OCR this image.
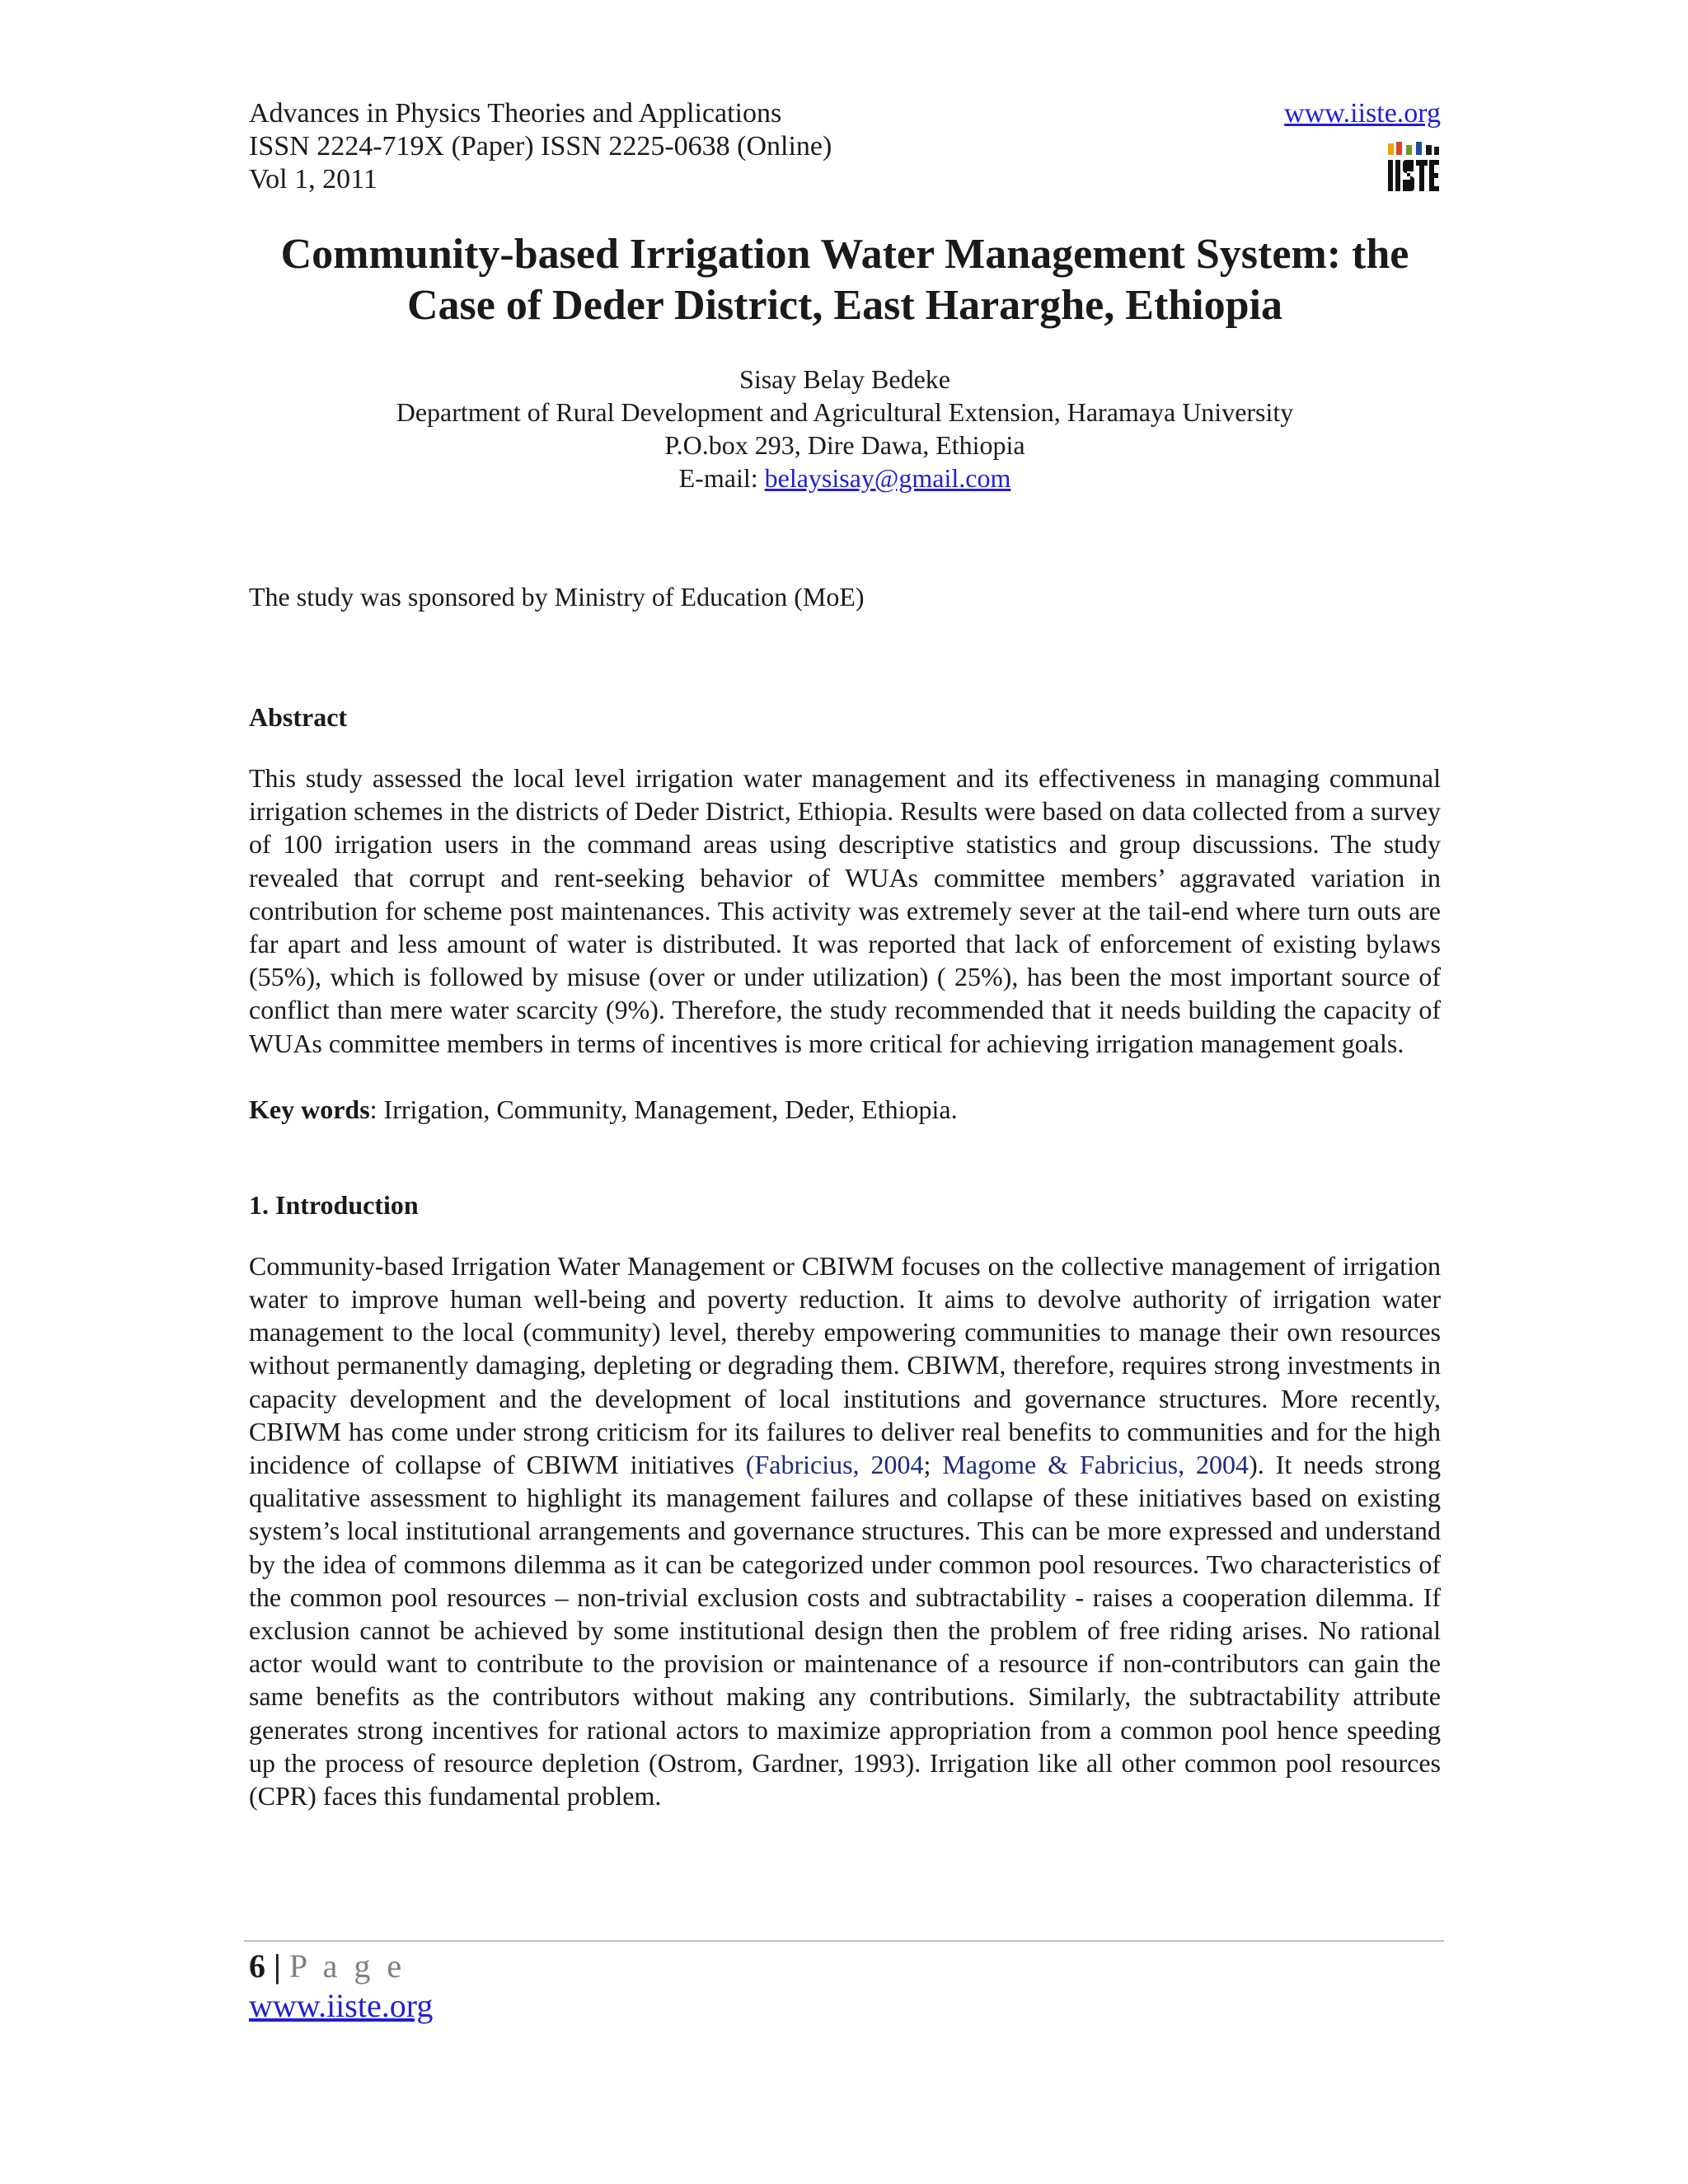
Advances in Physics Theories and Applications	www.iiste.org
ISSN 2224-719X (Paper) ISSN 2225-0638 (Online)
Vol 1, 2011
Community-based Irrigation Water Management System: the
Case of Deder District, East Hararghe, Ethiopia
Sisay Belay Bedeke
Department of Rural Development and Agricultural Extension, Haramaya University
P.O.box 293, Dire Dawa, Ethiopia
E-mail: belaysisay@gmail.com
The study was sponsored by Ministry of Education (MoE)
Abstract
This study assessed the local level irrigation water management and its effectiveness in managing communal irrigation schemes in the districts of Deder District, Ethiopia. Results were based on data collected from a survey of 100 irrigation users in the command areas using descriptive statistics and group discussions. The study revealed that corrupt and rent-seeking behavior of WUAs committee members’ aggravated variation in contribution for scheme post maintenances. This activity was extremely sever at the tail-end where turn outs are far apart and less amount of water is distributed. It was reported that lack of enforcement of existing bylaws (55%), which is followed by misuse (over or under utilization) ( 25%), has been the most important source of conflict than mere water scarcity (9%). Therefore, the study recommended that it needs building the capacity of WUAs committee members in terms of incentives is more critical for achieving irrigation management goals.
Key words: Irrigation, Community, Management, Deder, Ethiopia.
1. Introduction
Community-based Irrigation Water Management or CBIWM focuses on the collective management of irrigation water to improve human well-being and poverty reduction. It aims to devolve authority of irrigation water management to the local (community) level, thereby empowering communities to manage their own resources without permanently damaging, depleting or degrading them. CBIWM, therefore, requires strong investments in capacity development and the development of local institutions and governance structures. More recently, CBIWM has come under strong criticism for its failures to deliver real benefits to communities and for the high incidence of collapse of CBIWM initiatives (Fabricius, 2004; Magome & Fabricius, 2004). It needs strong qualitative assessment to highlight its management failures and collapse of these initiatives based on existing system’s local institutional arrangements and governance structures. This can be more expressed and understand by the idea of commons dilemma as it can be categorized under common pool resources. Two characteristics of the common pool resources – non-trivial exclusion costs and subtractability - raises a cooperation dilemma. If exclusion cannot be achieved by some institutional design then the problem of free riding arises. No rational actor would want to contribute to the provision or maintenance of a resource if non-contributors can gain the same benefits as the contributors without making any contributions. Similarly, the subtractability attribute generates strong incentives for rational actors to maximize appropriation from a common pool hence speeding up the process of resource depletion (Ostrom, Gardner, 1993). Irrigation like all other common pool resources (CPR) faces this fundamental problem.
6 | P a g e
www.iiste.org
